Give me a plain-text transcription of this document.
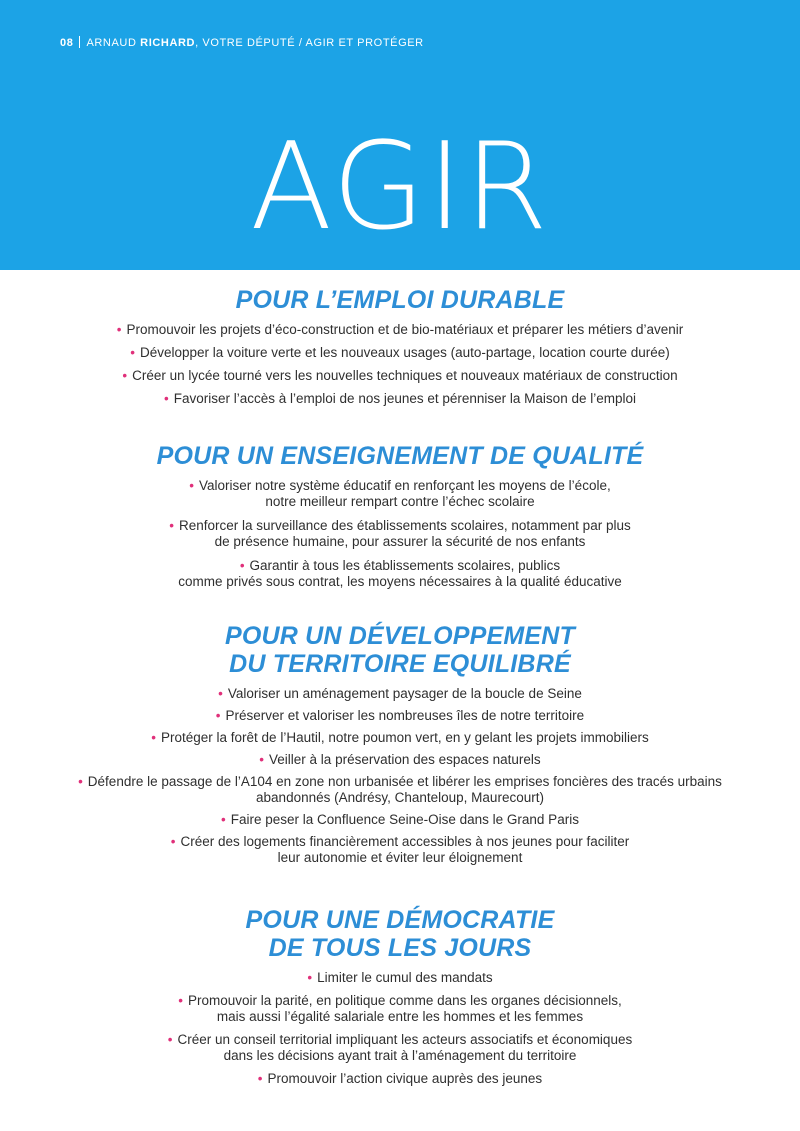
08 ARNAUD RICHARD, VOTRE DÉPUTÉ / AGIR ET PROTÉGER
AGIR
POUR L’EMPLOI DURABLE
• Promouvoir les projets d’éco-construction et de bio-matériaux et préparer les métiers d’avenir
• Développer la voiture verte et les nouveaux usages (auto-partage, location courte durée)
• Créer un lycée tourné vers les nouvelles techniques et nouveaux matériaux de construction
• Favoriser l’accès à l’emploi de nos jeunes et pérenniser la Maison de l’emploi
POUR UN ENSEIGNEMENT DE QUALITÉ
• Valoriser notre système éducatif en renforçant les moyens de l’école,
notre meilleur rempart contre l’échec scolaire
• Renforcer la surveillance des établissements scolaires, notamment par plus
de présence humaine, pour assurer la sécurité de nos enfants
• Garantir à tous les établissements scolaires, publics
comme privés sous contrat, les moyens nécessaires à la qualité éducative
POUR UN DÉVELOPPEMENT
DU TERRITOIRE EQUILIBRÉ
• Valoriser un aménagement paysager de la boucle de Seine
• Préserver et valoriser les nombreuses îles de notre territoire
• Protéger la forêt de l’Hautil, notre poumon vert, en y gelant les projets immobiliers
• Veiller à la préservation des espaces naturels
• Défendre le passage de l’A104 en zone non urbanisée et libérer les emprises foncières des tracés urbains
abandonnés (Andrésy, Chanteloup, Maurecourt)
• Faire peser la Confluence Seine-Oise dans le Grand Paris
• Créer des logements financièrement accessibles à nos jeunes pour faciliter
leur autonomie et éviter leur éloignement
POUR UNE DÉMOCRATIE
DE TOUS LES JOURS
• Limiter le cumul des mandats
• Promouvoir la parité, en politique comme dans les organes décisionnels,
mais aussi l’égalité salariale entre les hommes et les femmes
• Créer un conseil territorial impliquant les acteurs associatifs et économiques
dans les décisions ayant trait à l’aménagement du territoire
• Promouvoir l’action civique auprès des jeunes
